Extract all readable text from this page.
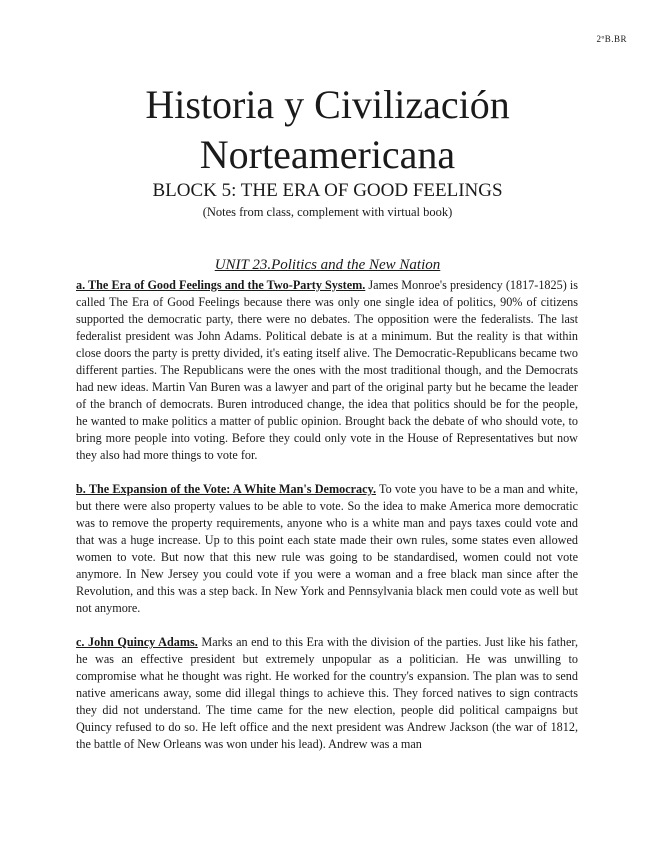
2ºB.BR
Historia y Civilización
Norteamericana
BLOCK 5: THE ERA OF GOOD FEELINGS
(Notes from class, complement with virtual book)
UNIT 23.Politics and the New Nation

a. The Era of Good Feelings and the Two-Party System. James Monroe's presidency (1817-1825) is called The Era of Good Feelings because there was only one single idea of politics, 90% of citizens supported the democratic party, there were no debates. The opposition were the federalists. The last federalist president was John Adams. Political debate is at a minimum. But the reality is that within close doors the party is pretty divided, it's eating itself alive. The Democratic-Republicans became two different parties. The Republicans were the ones with the most traditional though, and the Democrats had new ideas. Martin Van Buren was a lawyer and part of the original party but he became the leader of the branch of democrats. Buren introduced change, the idea that politics should be for the people, he wanted to make politics a matter of public opinion. Brought back the debate of who should vote, to bring more people into voting. Before they could only vote in the House of Representatives but now they also had more things to vote for.

b. The Expansion of the Vote: A White Man's Democracy. To vote you have to be a man and white, but there were also property values to be able to vote. So the idea to make America more democratic was to remove the property requirements, anyone who is a white man and pays taxes could vote and that was a huge increase. Up to this point each state made their own rules, some states even allowed women to vote. But now that this new rule was going to be standardised, women could not vote anymore. In New Jersey you could vote if you were a woman and a free black man since after the Revolution, and this was a step back. In New York and Pennsylvania black men could vote as well but not anymore.

c. John Quincy Adams. Marks an end to this Era with the division of the parties. Just like his father, he was an effective president but extremely unpopular as a politician. He was unwilling to compromise what he thought was right. He worked for the country's expansion. The plan was to send native americans away, some did illegal things to achieve this. They forced natives to sign contracts they did not understand. The time came for the new election, people did political campaigns but Quincy refused to do so. He left office and the next president was Andrew Jackson (the war of 1812, the battle of New Orleans was won under his lead). Andrew was a man
